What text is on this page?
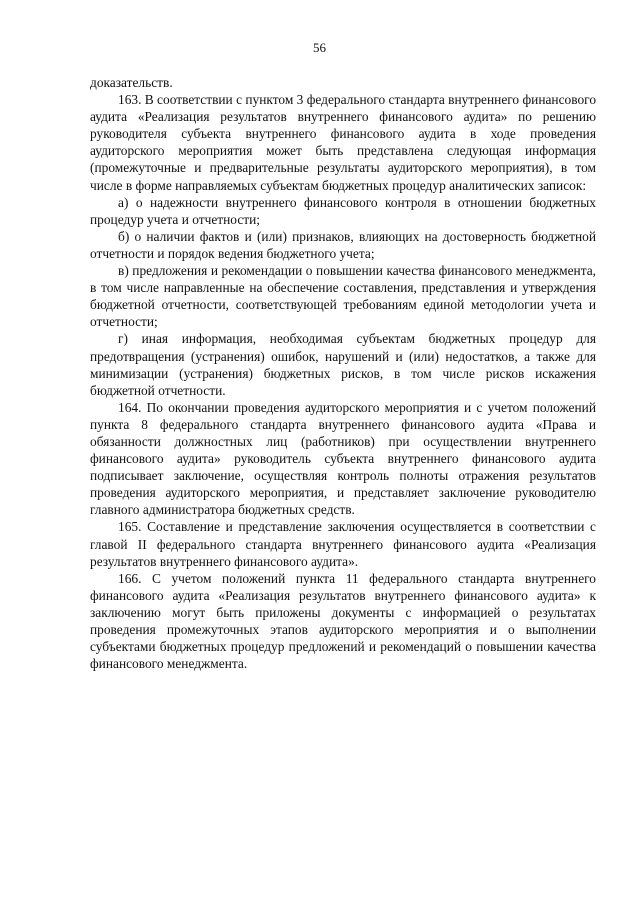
56

доказательств.

163. В соответствии с пунктом 3 федерального стандарта внутреннего финансового аудита «Реализация результатов внутреннего финансового аудита» по решению руководителя субъекта внутреннего финансового аудита в ходе проведения аудиторского мероприятия может быть представлена следующая информация (промежуточные и предварительные результаты аудиторского мероприятия), в том числе в форме направляемых субъектам бюджетных процедур аналитических записок:

а) о надежности внутреннего финансового контроля в отношении бюджетных процедур учета и отчетности;

б) о наличии фактов и (или) признаков, влияющих на достоверность бюджетной отчетности и порядок ведения бюджетного учета;

в) предложения и рекомендации о повышении качества финансового менеджмента, в том числе направленные на обеспечение составления, представления и утверждения бюджетной отчетности, соответствующей требованиям единой методологии учета и отчетности;

г) иная информация, необходимая субъектам бюджетных процедур для предотвращения (устранения) ошибок, нарушений и (или) недостатков, а также для минимизации (устранения) бюджетных рисков, в том числе рисков искажения бюджетной отчетности.

164. По окончании проведения аудиторского мероприятия и с учетом положений пункта 8 федерального стандарта внутреннего финансового аудита «Права и обязанности должностных лиц (работников) при осуществлении внутреннего финансового аудита» руководитель субъекта внутреннего финансового аудита подписывает заключение, осуществляя контроль полноты отражения результатов проведения аудиторского мероприятия, и представляет заключение руководителю главного администратора бюджетных средств.

165. Составление и представление заключения осуществляется в соответствии с главой II федерального стандарта внутреннего финансового аудита «Реализация результатов внутреннего финансового аудита».

166. С учетом положений пункта 11 федерального стандарта внутреннего финансового аудита «Реализация результатов внутреннего финансового аудита» к заключению могут быть приложены документы с информацией о результатах проведения промежуточных этапов аудиторского мероприятия и о выполнении субъектами бюджетных процедур предложений и рекомендаций о повышении качества финансового менеджмента.
